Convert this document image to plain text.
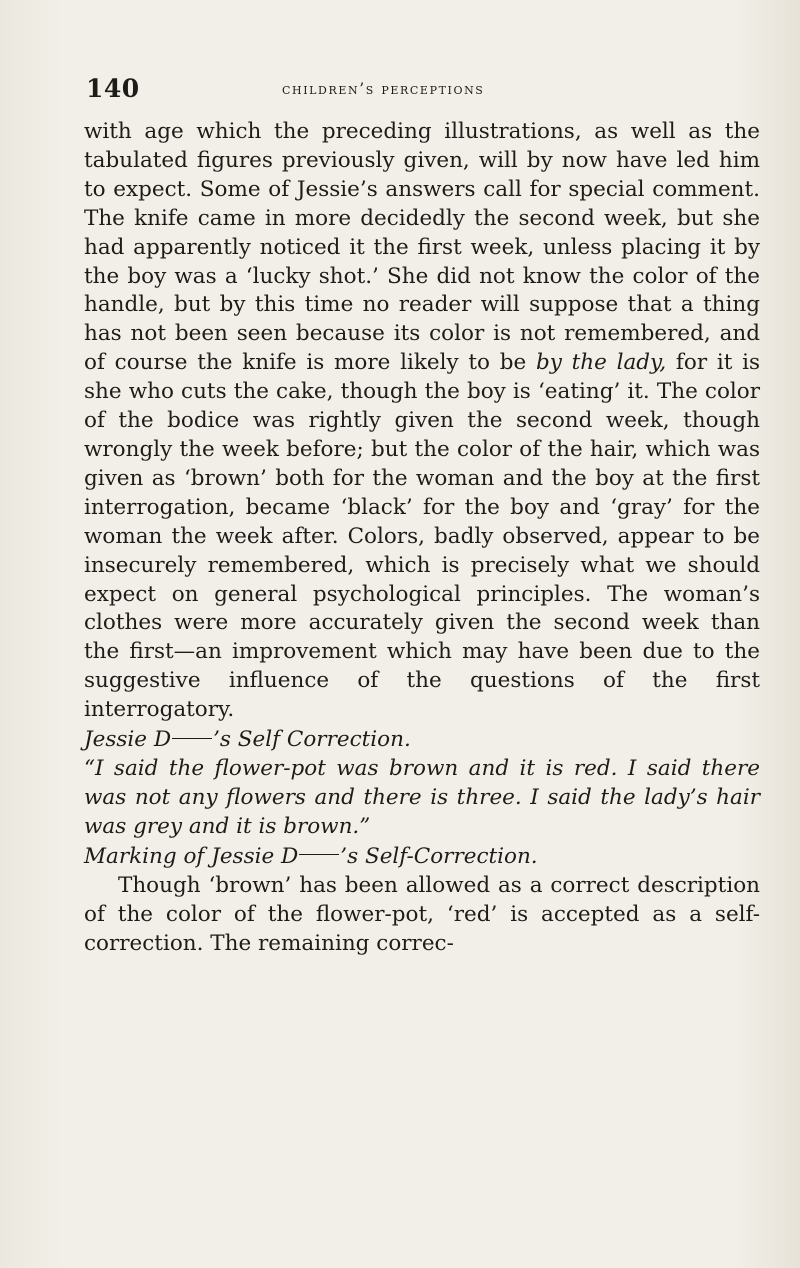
140	children’s perceptions

with age which the preceding illustrations, as well as the tabulated figures previously given, will by now have led him to expect. Some of Jessie’s answers call for special comment. The knife came in more decidedly the second week, but she had apparently noticed it the first week, unless placing it by the boy was a ‘lucky shot.’ She did not know the color of the handle, but by this time no reader will suppose that a thing has not been seen because its color is not remembered, and of course the knife is more likely to be by the lady, for it is she who cuts the cake, though the boy is ‘eating’ it. The color of the bodice was rightly given the second week, though wrongly the week before; but the color of the hair, which was given as ‘brown’ both for the woman and the boy at the first interrogation, became ‘black’ for the boy and ‘gray’ for the woman the week after. Colors, badly observed, appear to be insecurely remembered, which is precisely what we should expect on general psychological principles. The woman’s clothes were more accurately given the second week than the first—an improvement which may have been due to the suggestive influence of the questions of the first interrogatory.

Jessie D ’s Self Correction.

“I said the flower-pot was brown and it is red. I said there was not any flowers and there is three. I said the lady’s hair was grey and it is brown.”

Marking of Jessie D ’s Self-Correction.

Though ‘brown’ has been allowed as a correct description of the color of the flower-pot, ‘red’ is accepted as a self-correction. The remaining correc-
